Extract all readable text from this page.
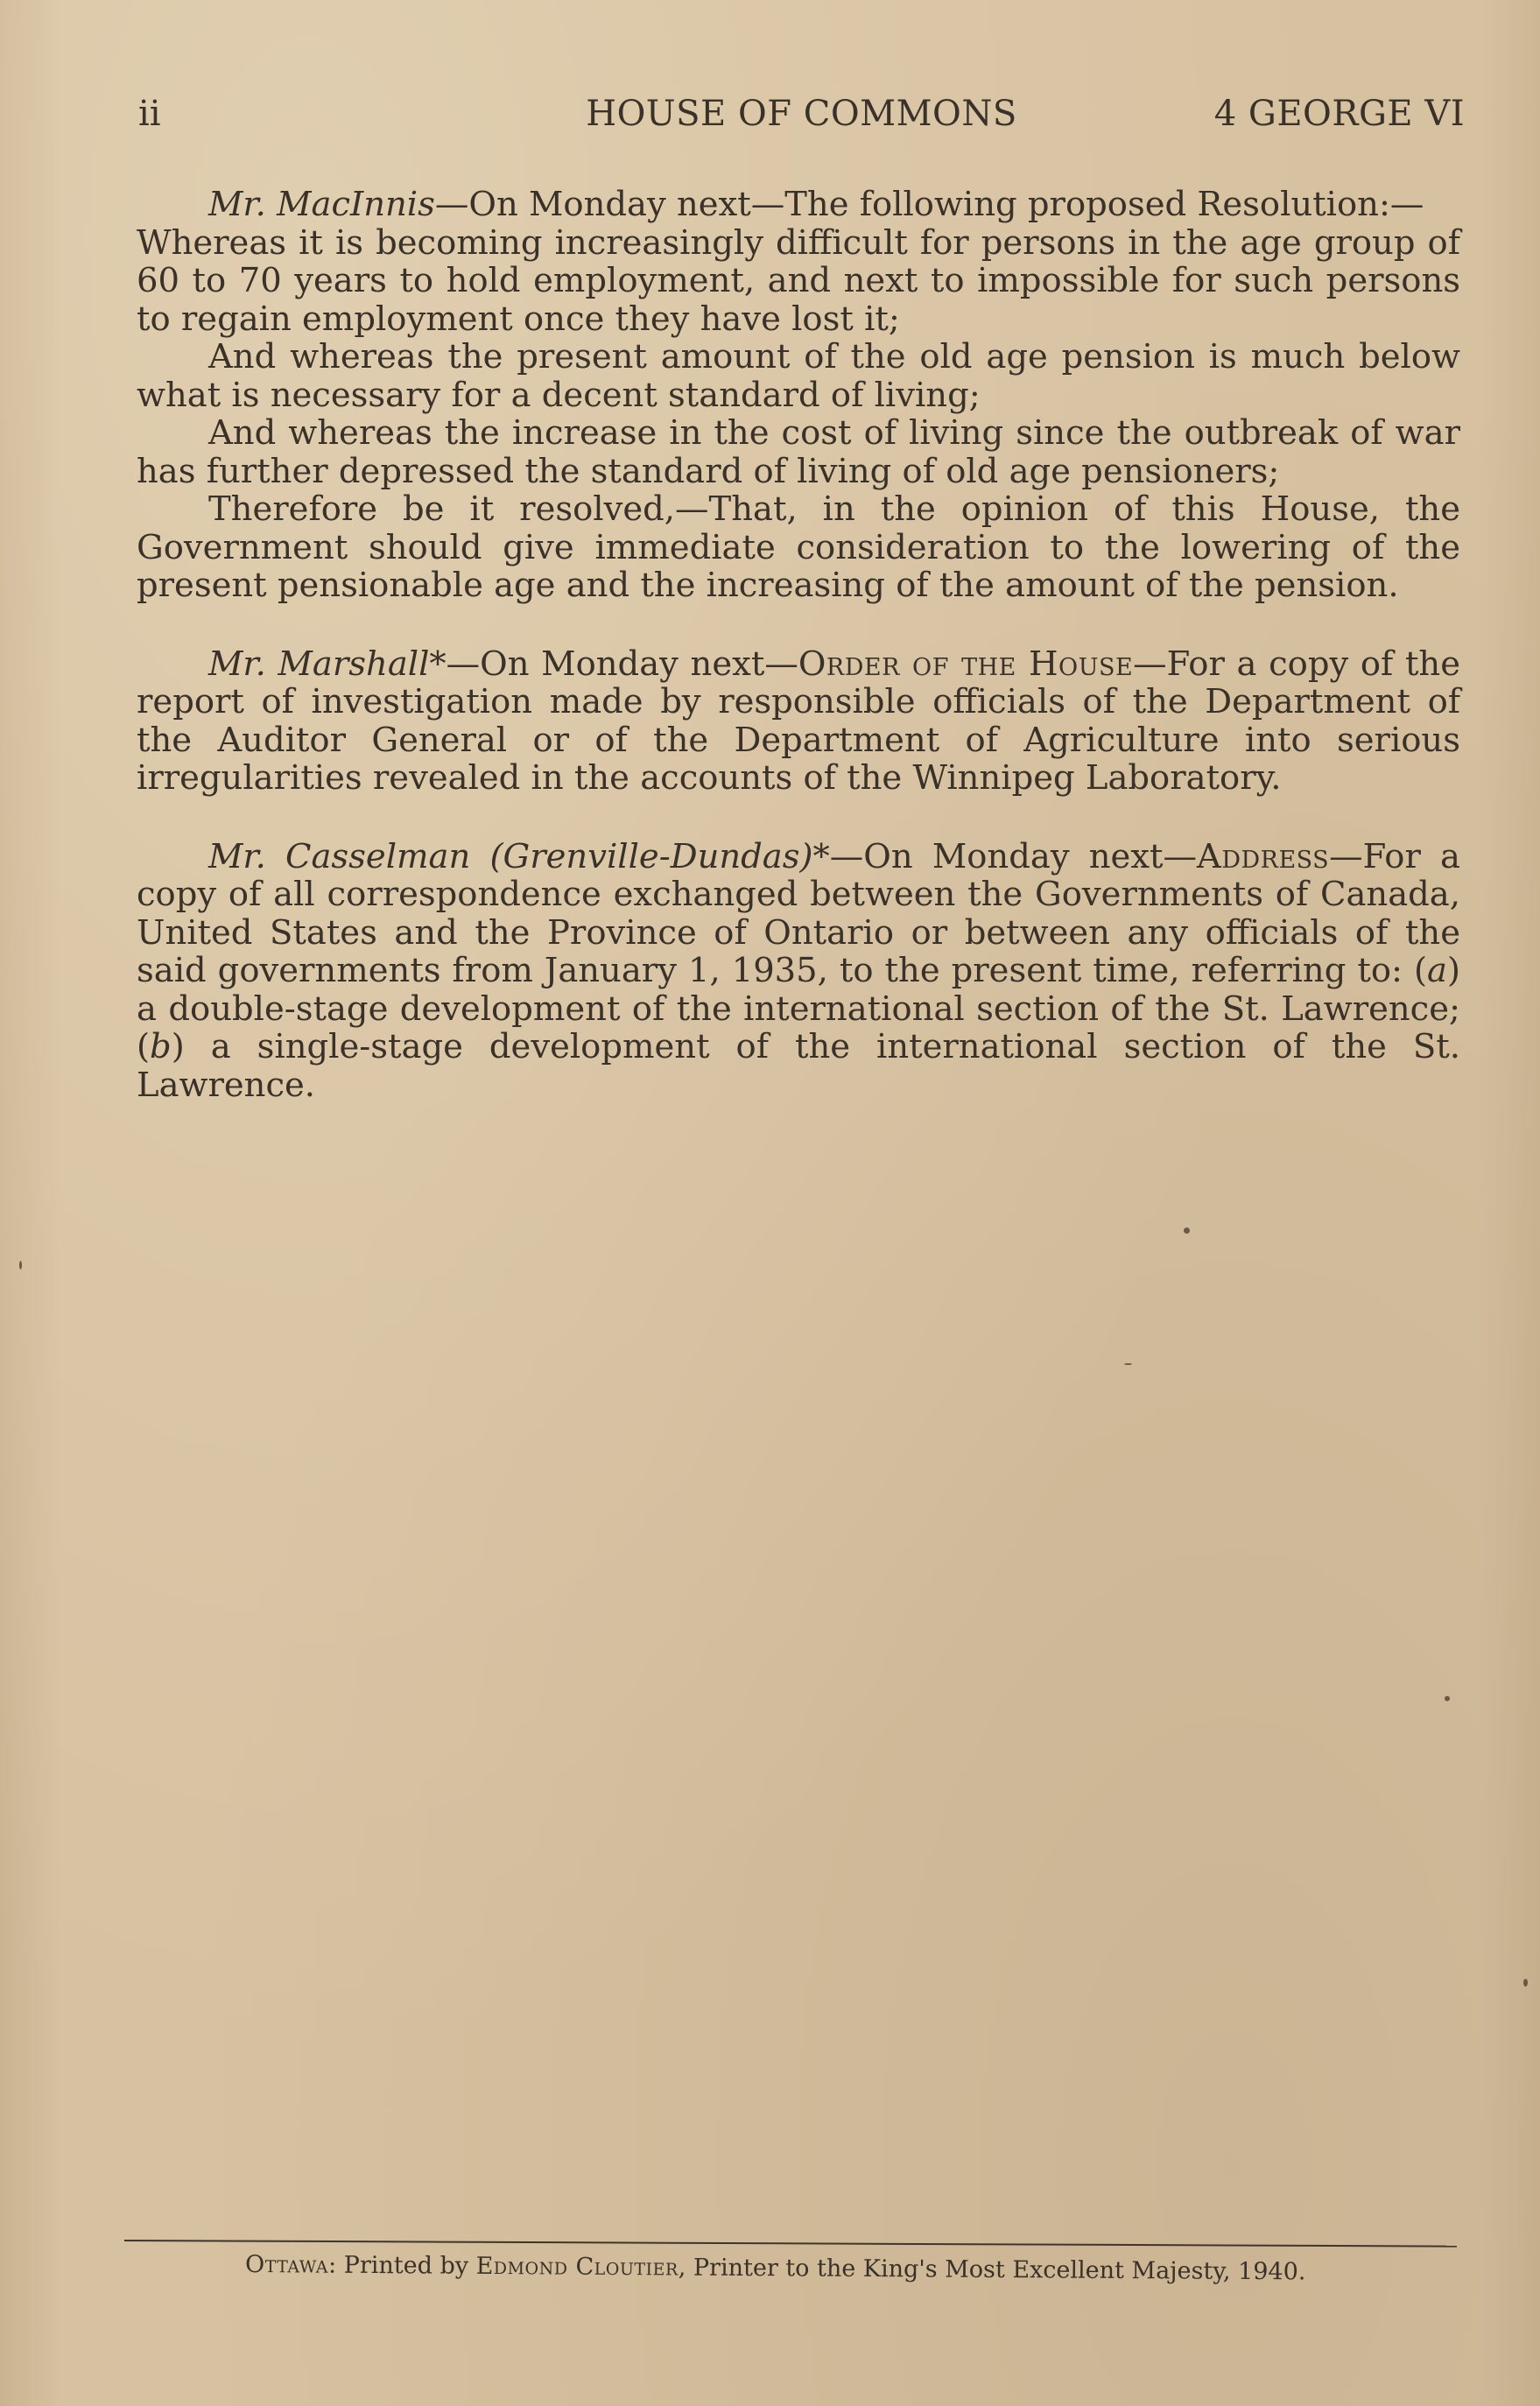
ii	HOUSE OF COMMONS	4 GEORGE VI

Mr. MacInnis—On Monday next—The following proposed Resolution:—

Whereas it is becoming increasingly difficult for persons in the age group of 60 to 70 years to hold employment, and next to impossible for such persons to regain employment once they have lost it;

And whereas the present amount of the old age pension is much below what is necessary for a decent standard of living;

And whereas the increase in the cost of living since the outbreak of war has further depressed the standard of living of old age pensioners;

Therefore be it resolved,—That, in the opinion of this House, the Government should give immediate consideration to the lowering of the present pensionable age and the increasing of the amount of the pension.

Mr. Marshall*—On Monday next—Order of the House—For a copy of the report of investigation made by responsible officials of the Department of the Auditor General or of the Department of Agriculture into serious irregularities revealed in the accounts of the Winnipeg Laboratory.

Mr. Casselman (Grenville-Dundas)*—On Monday next—Address—For a copy of all correspondence exchanged between the Governments of Canada, United States and the Province of Ontario or between any officials of the said governments from January 1, 1935, to the present time, referring to: (a) a double-stage development of the international section of the St. Lawrence; (b) a single-stage development of the international section of the St. Lawrence.

Ottawa: Printed by Edmond Cloutier, Printer to the King's Most Excellent Majesty, 1940.
